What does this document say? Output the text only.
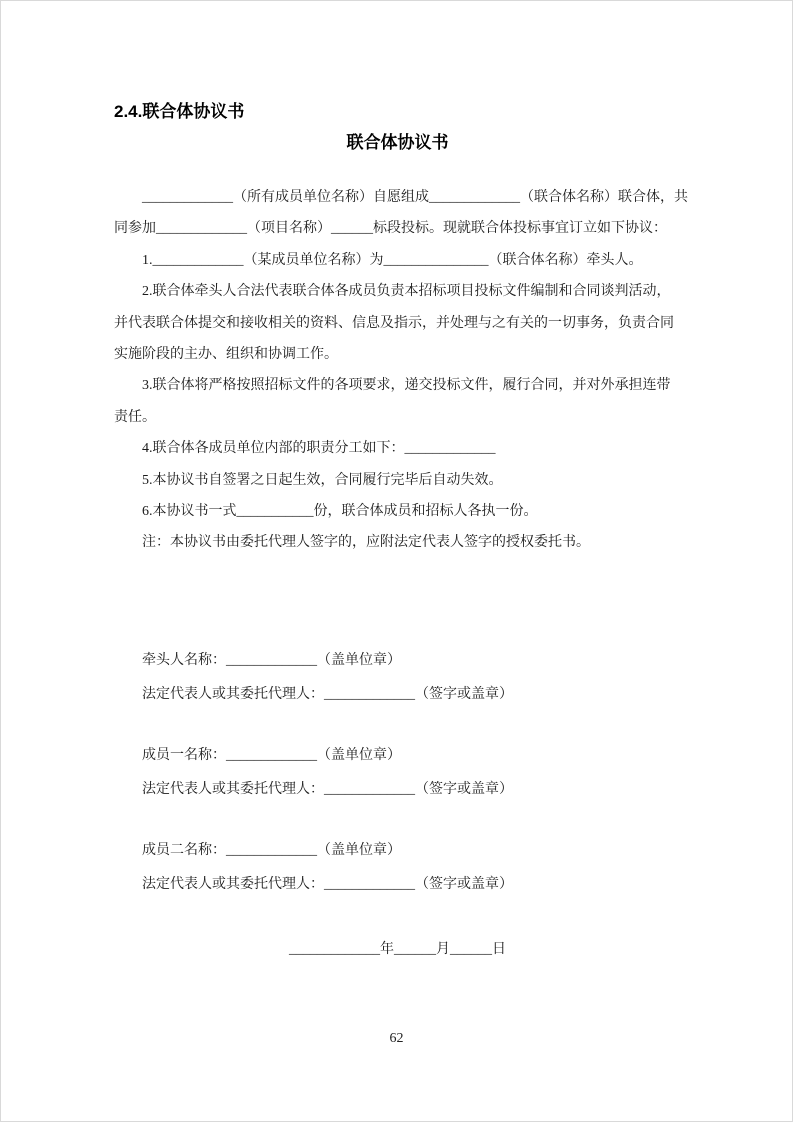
2.4.联合体协议书
联合体协议书
_____________（所有成员单位名称）自愿组成_____________（联合体名称）联合体，共
同参加_____________（项目名称）______标段投标。现就联合体投标事宜订立如下协议：
1._____________（某成员单位名称）为_______________（联合体名称）牵头人。
2.联合体牵头人合法代表联合体各成员负责本招标项目投标文件编制和合同谈判活动，
并代表联合体提交和接收相关的资料、信息及指示，并处理与之有关的一切事务，负责合同
实施阶段的主办、组织和协调工作。
3.联合体将严格按照招标文件的各项要求，递交投标文件，履行合同，并对外承担连带
责任。
4.联合体各成员单位内部的职责分工如下：_____________
5.本协议书自签署之日起生效，合同履行完毕后自动失效。
6.本协议书一式___________份，联合体成员和招标人各执一份。
注：本协议书由委托代理人签字的，应附法定代表人签字的授权委托书。
牵头人名称：_____________（盖单位章）
法定代表人或其委托代理人：_____________（签字或盖章）
成员一名称：_____________（盖单位章）
法定代表人或其委托代理人：_____________（签字或盖章）
成员二名称：_____________（盖单位章）
法定代表人或其委托代理人：_____________（签字或盖章）
_____________年______月______日
62
